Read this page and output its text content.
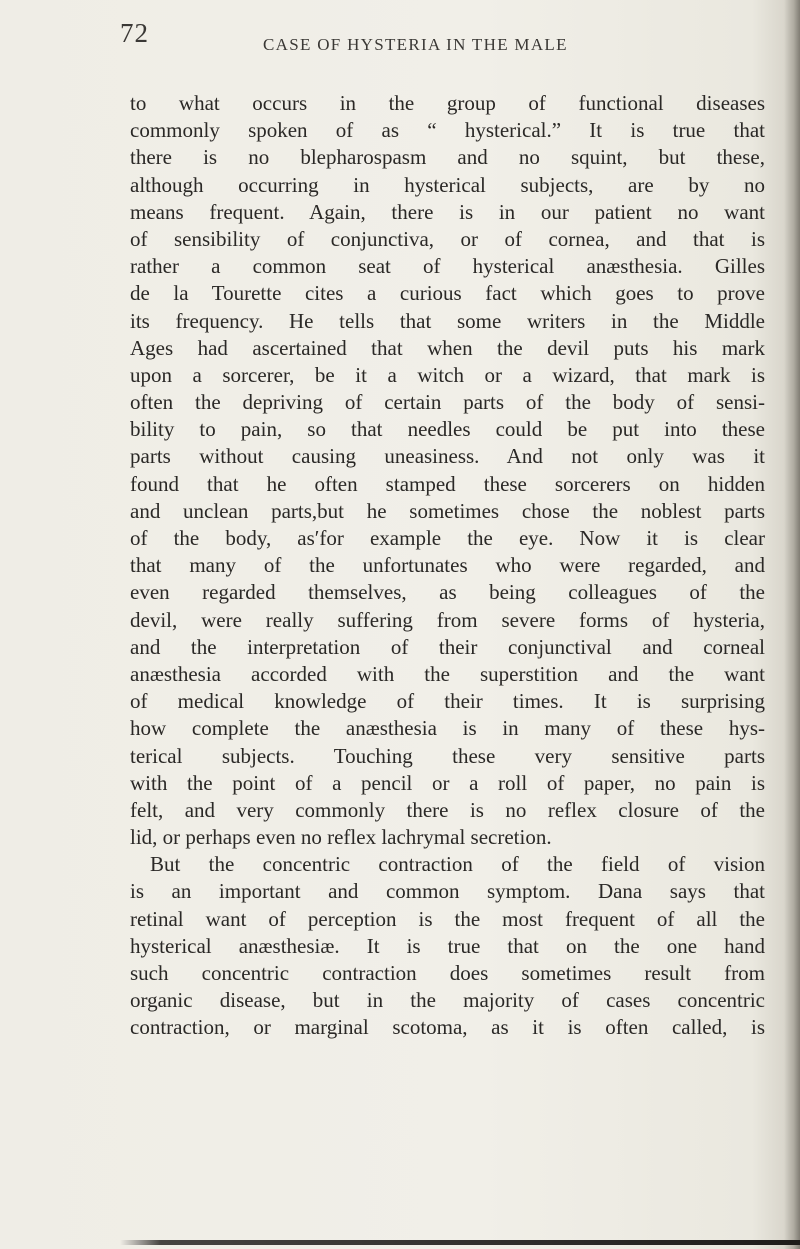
72	CASE OF HYSTERIA IN THE MALE
to what occurs in the group of functional diseases
commonly spoken of as “ hysterical.” It is true that
there is no blepharospasm and no squint, but these,
although occurring in hysterical subjects, are by no
means frequent. Again, there is in our patient no want
of sensibility of conjunctiva, or of cornea, and that is
rather a common seat of hysterical anæsthesia. Gilles
de la Tourette cites a curious fact which goes to prove
its frequency. He tells that some writers in the Middle
Ages had ascertained that when the devil puts his mark
upon a sorcerer, be it a witch or a wizard, that mark is
often the depriving of certain parts of the body of sensi-
bility to pain, so that needles could be put into these
parts without causing uneasiness. And not only was it
found that he often stamped these sorcerers on hidden
and unclean parts,but he sometimes chose the noblest parts
of the body, as′for example the eye. Now it is clear
that many of the unfortunates who were regarded, and
even regarded themselves, as being colleagues of the
devil, were really suffering from severe forms of hysteria,
and the interpretation of their conjunctival and corneal
anæsthesia accorded with the superstition and the want
of medical knowledge of their times. It is surprising
how complete the anæsthesia is in many of these hys-
terical subjects. Touching these very sensitive parts
with the point of a pencil or a roll of paper, no pain is
felt, and very commonly there is no reflex closure of the
lid, or perhaps even no reflex lachrymal secretion.
But the concentric contraction of the field of vision
is an important and common symptom. Dana says that
retinal want of perception is the most frequent of all the
hysterical anæsthesiæ. It is true that on the one hand
such concentric contraction does sometimes result from
organic disease, but in the majority of cases concentric
contraction, or marginal scotoma, as it is often called, is
